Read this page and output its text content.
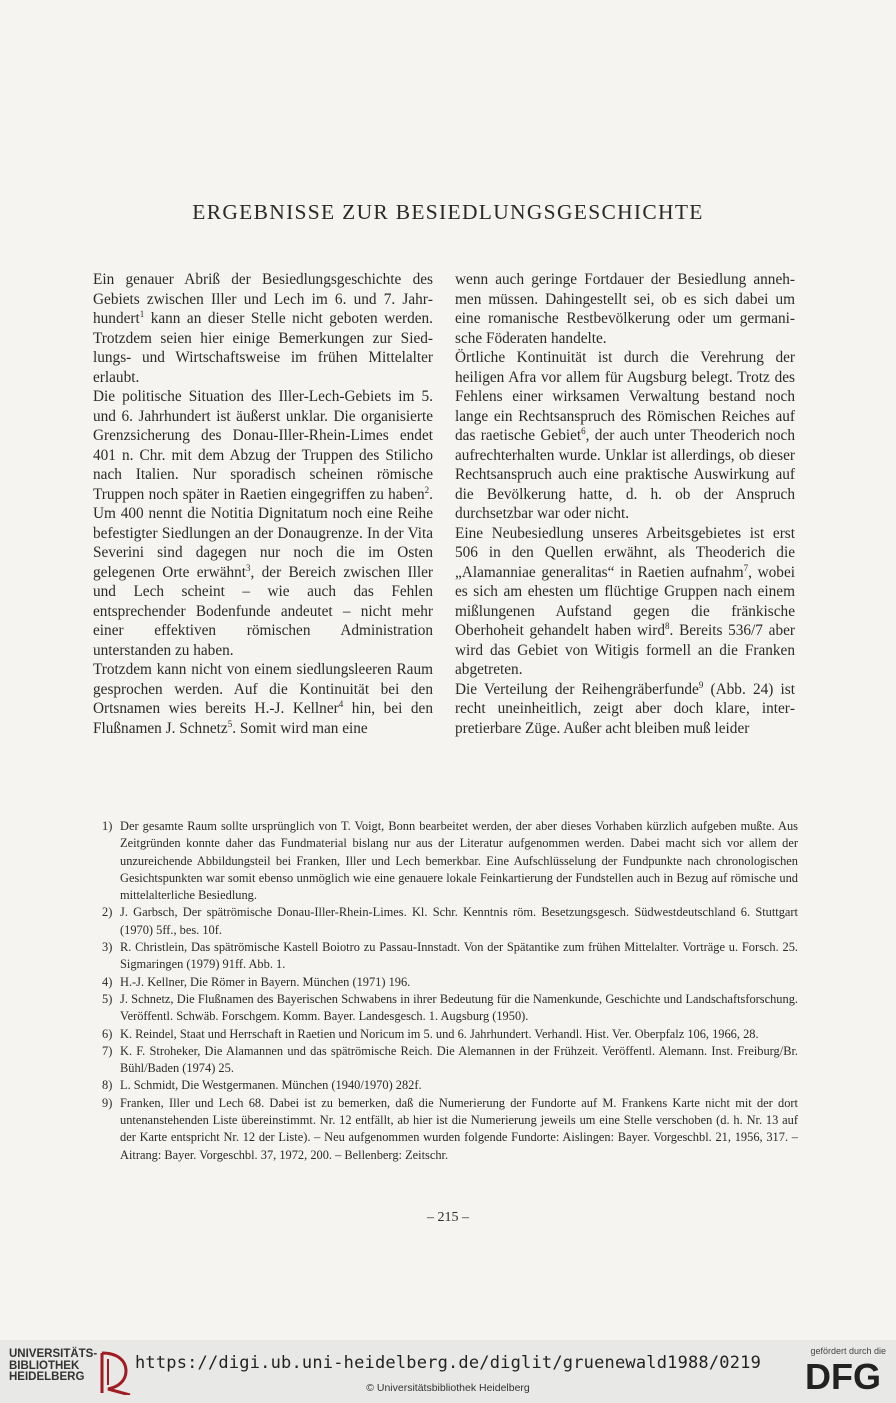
ERGEBNISSE ZUR BESIEDLUNGSGESCHICHTE

Ein genauer Abriß der Besiedlungsgeschichte des Gebiets zwischen Iller und Lech im 6. und 7. Jahrhundert$^1$ kann an dieser Stelle nicht geboten werden. Trotzdem seien hier einige Bemerkungen zur Siedlungs- und Wirtschaftsweise im frühen Mittelalter erlaubt.

Die politische Situation des Iller-Lech-Gebiets im 5. und 6. Jahrhundert ist äußerst unklar. Die organisierte Grenzsicherung des Donau-Iller-Rhein-Limes endet 401 n. Chr. mit dem Abzug der Truppen des Stilicho nach Italien. Nur sporadisch scheinen römische Truppen noch später in Raetien eingegriffen zu haben$^2$. Um 400 nennt die Notitia Dignitatum noch eine Reihe befestigter Siedlungen an der Donaugrenze. In der Vita Severini sind dagegen nur noch die im Osten gelegenen Orte erwähnt$^3$, der Bereich zwischen Iller und Lech scheint – wie auch das Fehlen entsprechender Bodenfunde andeutet – nicht mehr einer effektiven römischen Administration unterstanden zu haben.

Trotzdem kann nicht von einem siedlungsleeren Raum gesprochen werden. Auf die Kontinuität bei den Ortsnamen wies bereits H.-J. Kellner$^4$ hin, bei den Flußnamen J. Schnetz$^5$. Somit wird man eine

wenn auch geringe Fortdauer der Besiedlung annehmen müssen. Dahingestellt sei, ob es sich dabei um eine romanische Restbevölkerung oder um germanische Föderaten handelte.

Örtliche Kontinuität ist durch die Verehrung der heiligen Afra vor allem für Augsburg belegt. Trotz des Fehlens einer wirksamen Verwaltung bestand noch lange ein Rechtsanspruch des Römischen Reiches auf das raetische Gebiet$^6$, der auch unter Theoderich noch aufrechterhalten wurde. Unklar ist allerdings, ob dieser Rechtsanspruch auch eine praktische Auswirkung auf die Bevölkerung hatte, d. h. ob der Anspruch durchsetzbar war oder nicht.

Eine Neubesiedlung unseres Arbeitsgebietes ist erst 506 in den Quellen erwähnt, als Theoderich die „Alamanniae generalitas“ in Raetien aufnahm$^7$, wobei es sich am ehesten um flüchtige Gruppen nach einem mißlungenen Aufstand gegen die fränkische Oberhoheit gehandelt haben wird$^8$. Bereits 536/7 aber wird das Gebiet von Witigis formell an die Franken abgetreten.

Die Verteilung der Reihengräberfunde$^9$ (Abb. 24) ist recht uneinheitlich, zeigt aber doch klare, interpretierbare Züge. Außer acht bleiben muß leider

1) Der gesamte Raum sollte ursprünglich von T. Voigt, Bonn bearbeitet werden, der aber dieses Vorhaben kürzlich aufgeben mußte. Aus Zeitgründen konnte daher das Fundmaterial bislang nur aus der Literatur aufgenommen werden. Dabei macht sich vor allem der unzureichende Abbildungsteil bei Franken, Iller und Lech bemerkbar. Eine Aufschlüsselung der Fundpunkte nach chronologischen Gesichtspunkten war somit ebenso unmöglich wie eine genauere lokale Feinkartierung der Fundstellen auch in Bezug auf römische und mittelalterliche Besiedlung.
2) J. Garbsch, Der spätrömische Donau-Iller-Rhein-Limes. Kl. Schr. Kenntnis röm. Besetzungsgesch. Südwestdeutschland 6. Stuttgart (1970) 5ff., bes. 10f.
3) R. Christlein, Das spätrömische Kastell Boiotro zu Passau-Innstadt. Von der Spätantike zum frühen Mittelalter. Vorträge u. Forsch. 25. Sigmaringen (1979) 91ff. Abb. 1.
4) H.-J. Kellner, Die Römer in Bayern. München (1971) 196.
5) J. Schnetz, Die Flußnamen des Bayerischen Schwabens in ihrer Bedeutung für die Namenkunde, Geschichte und Landschaftsforschung. Veröffentl. Schwäb. Forschgem. Komm. Bayer. Landesgesch. 1. Augsburg (1950).
6) K. Reindel, Staat und Herrschaft in Raetien und Noricum im 5. und 6. Jahrhundert. Verhandl. Hist. Ver. Oberpfalz 106, 1966, 28.
7) K. F. Stroheker, Die Alamannen und das spätrömische Reich. Die Alemannen in der Frühzeit. Veröffentl. Alemann. Inst. Freiburg/Br. Bühl/Baden (1974) 25.
8) L. Schmidt, Die Westgermanen. München (1940/1970) 282f.
9) Franken, Iller und Lech 68. Dabei ist zu bemerken, daß die Numerierung der Fundorte auf M. Frankens Karte nicht mit der dort untenanstehenden Liste übereinstimmt. Nr. 12 entfällt, ab hier ist die Numerierung jeweils um eine Stelle verschoben (d. h. Nr. 13 auf der Karte entspricht Nr. 12 der Liste). – Neu aufgenommen wurden folgende Fundorte: Aislingen: Bayer. Vorgeschbl. 21, 1956, 317. – Aitrang: Bayer. Vorgeschbl. 37, 1972, 200. – Bellenberg: Zeitschr.
– 215 –
UNIVERSITÄTS-
BIBLIOTHEK
HEIDELBERG
https://digi.ub.uni-heidelberg.de/diglit/gruenewald1988/0219
© Universitätsbibliothek Heidelberg
gefördert durch die
DFG
